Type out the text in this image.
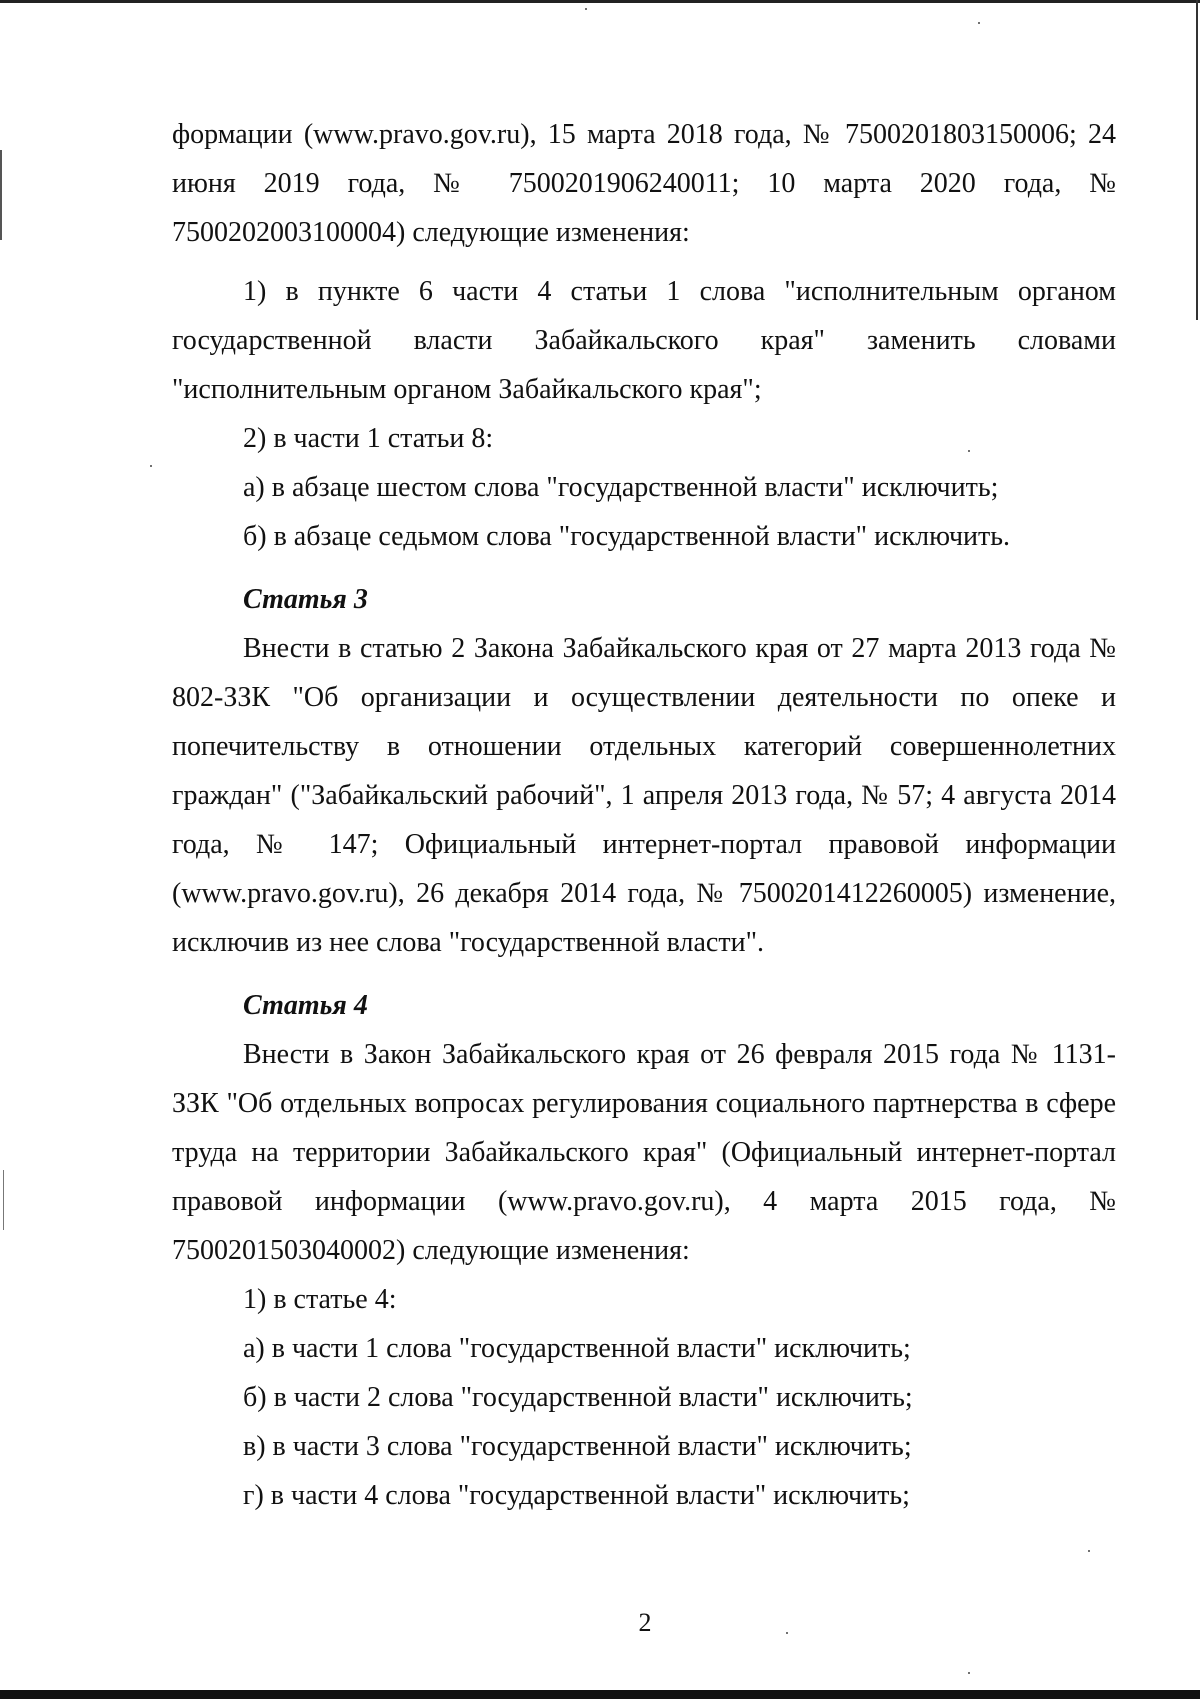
формации (www.pravo.gov.ru), 15 марта 2018 года, № 7500201803150006; 24 июня 2019 года, № 7500201906240011; 10 марта 2020 года, № 7500202003100004) следующие изменения:

1) в пункте 6 части 4 статьи 1 слова "исполнительным органом государственной власти Забайкальского края" заменить словами "исполнительным органом Забайкальского края";

2) в части 1 статьи 8:

а) в абзаце шестом слова "государственной власти" исключить;

б) в абзаце седьмом слова "государственной власти" исключить.

Статья 3

Внести в статью 2 Закона Забайкальского края от 27 марта 2013 года № 802-ЗЗК "Об организации и осуществлении деятельности по опеке и попечительству в отношении отдельных категорий совершеннолетних граждан" ("Забайкальский рабочий", 1 апреля 2013 года, № 57; 4 августа 2014 года, № 147; Официальный интернет-портал правовой информации (www.pravo.gov.ru), 26 декабря 2014 года, № 7500201412260005) изменение, исключив из нее слова "государственной власти".

Статья 4

Внести в Закон Забайкальского края от 26 февраля 2015 года № 1131-ЗЗК "Об отдельных вопросах регулирования социального партнерства в сфере труда на территории Забайкальского края" (Официальный интернет-портал правовой информации (www.pravo.gov.ru), 4 марта 2015 года, № 7500201503040002) следующие изменения:

1) в статье 4:

а) в части 1 слова "государственной власти" исключить;

б) в части 2 слова "государственной власти" исключить;

в) в части 3 слова "государственной власти" исключить;

г) в части 4 слова "государственной власти" исключить;

2
